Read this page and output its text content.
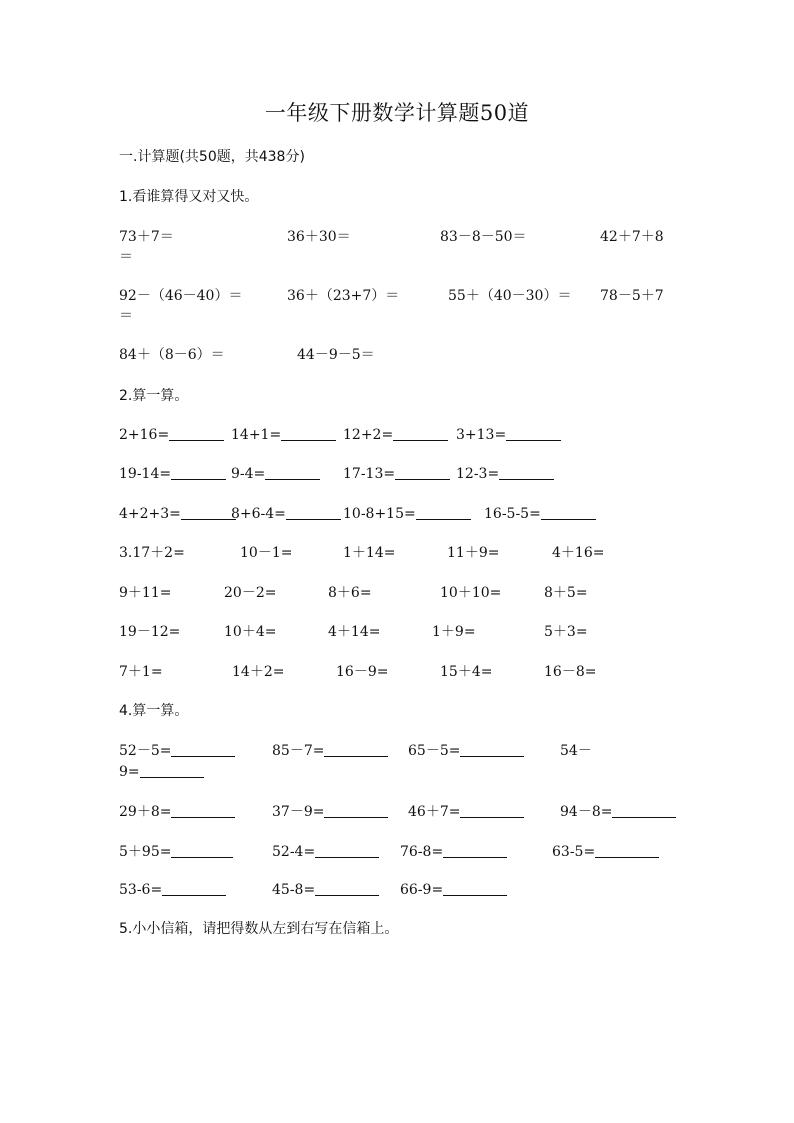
一年级下册数学计算题50道
一.计算题(共50题，共438分)
1.看谁算得又对又快。
73＋7＝	36＋30＝	83－8－50＝	42＋7＋8
＝
92－（46－40）＝	36＋（23+7）＝	55＋（40－30）＝ 78－5＋7
＝
84＋（8－6）＝	44－9－5＝
2.算一算。
2+16=	14+1=	12+2=	3+13=
19-14=	9-4=	17-13=	12-3=
4+2+3=	8+6-4=	10-8+15=	16-5-5=
3.17＋2=	10－1=	1＋14=	11＋9=	4＋16=
9＋11=	20－2=	8＋6=	10＋10=	8＋5=
19－12=	10＋4=	4＋14=	1＋9=	5＋3=
7＋1=	14＋2=	16－9=	15＋4=	16－8=
4.算一算。
52－5=	85－7=	65－5=	54－
9=
29＋8=	37－9=	46＋7=	94－8=
5＋95=	52-4=	76-8=	63-5=
53-6=	45-8=	66-9=
5.小小信箱，请把得数从左到右写在信箱上。
